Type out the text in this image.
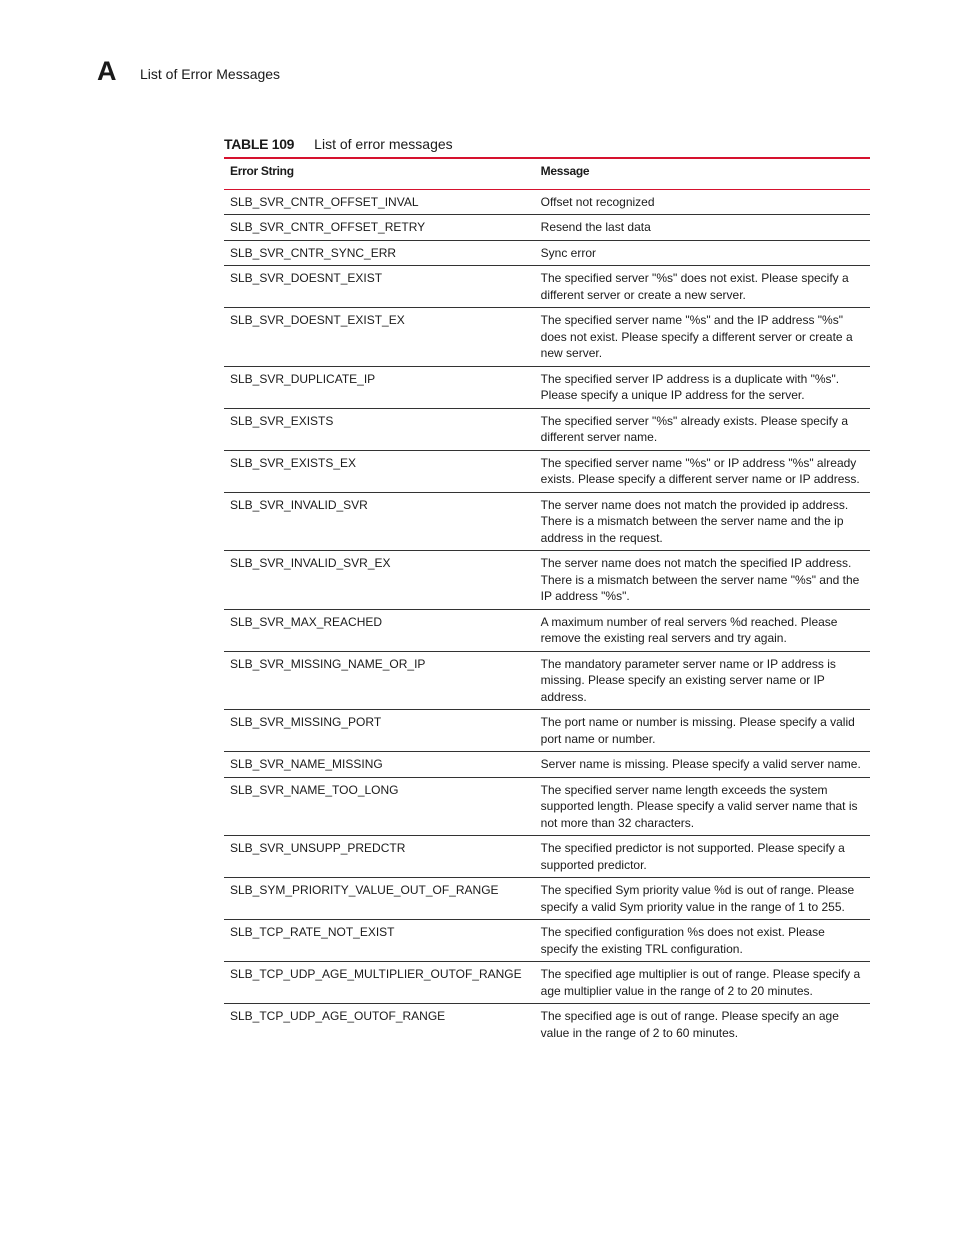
A List of Error Messages
TABLE 109 List of error messages
Error String	Message
SLB_SVR_CNTR_OFFSET_INVAL	Offset not recognized
SLB_SVR_CNTR_OFFSET_RETRY	Resend the last data
SLB_SVR_CNTR_SYNC_ERR	Sync error
SLB_SVR_DOESNT_EXIST	The specified server "%s" does not exist. Please specify a different server or create a new server.
SLB_SVR_DOESNT_EXIST_EX	The specified server name "%s" and the IP address "%s" does not exist. Please specify a different server or create a new server.
SLB_SVR_DUPLICATE_IP	The specified server IP address is a duplicate with "%s". Please specify a unique IP address for the server.
SLB_SVR_EXISTS	The specified server "%s" already exists. Please specify a different server name.
SLB_SVR_EXISTS_EX	The specified server name "%s" or IP address "%s" already exists. Please specify a different server name or IP address.
SLB_SVR_INVALID_SVR	The server name does not match the provided ip address. There is a mismatch between the server name and the ip address in the request.
SLB_SVR_INVALID_SVR_EX	The server name does not match the specified IP address. There is a mismatch between the server name "%s" and the IP address "%s".
SLB_SVR_MAX_REACHED	A maximum number of real servers %d reached. Please remove the existing real servers and try again.
SLB_SVR_MISSING_NAME_OR_IP	The mandatory parameter server name or IP address is missing. Please specify an existing server name or IP address.
SLB_SVR_MISSING_PORT	The port name or number is missing. Please specify a valid port name or number.
SLB_SVR_NAME_MISSING	Server name is missing. Please specify a valid server name.
SLB_SVR_NAME_TOO_LONG	The specified server name length exceeds the system supported length. Please specify a valid server name that is not more than 32 characters.
SLB_SVR_UNSUPP_PREDCTR	The specified predictor is not supported. Please specify a supported predictor.
SLB_SYM_PRIORITY_VALUE_OUT_OF_RANGE	The specified Sym priority value %d is out of range. Please specify a valid Sym priority value in the range of 1 to 255.
SLB_TCP_RATE_NOT_EXIST	The specified configuration %s does not exist. Please specify the existing TRL configuration.
SLB_TCP_UDP_AGE_MULTIPLIER_OUTOF_RANGE	The specified age multiplier is out of range. Please specify a age multiplier value in the range of 2 to 20 minutes.
SLB_TCP_UDP_AGE_OUTOF_RANGE	The specified age is out of range. Please specify an age value in the range of 2 to 60 minutes.
